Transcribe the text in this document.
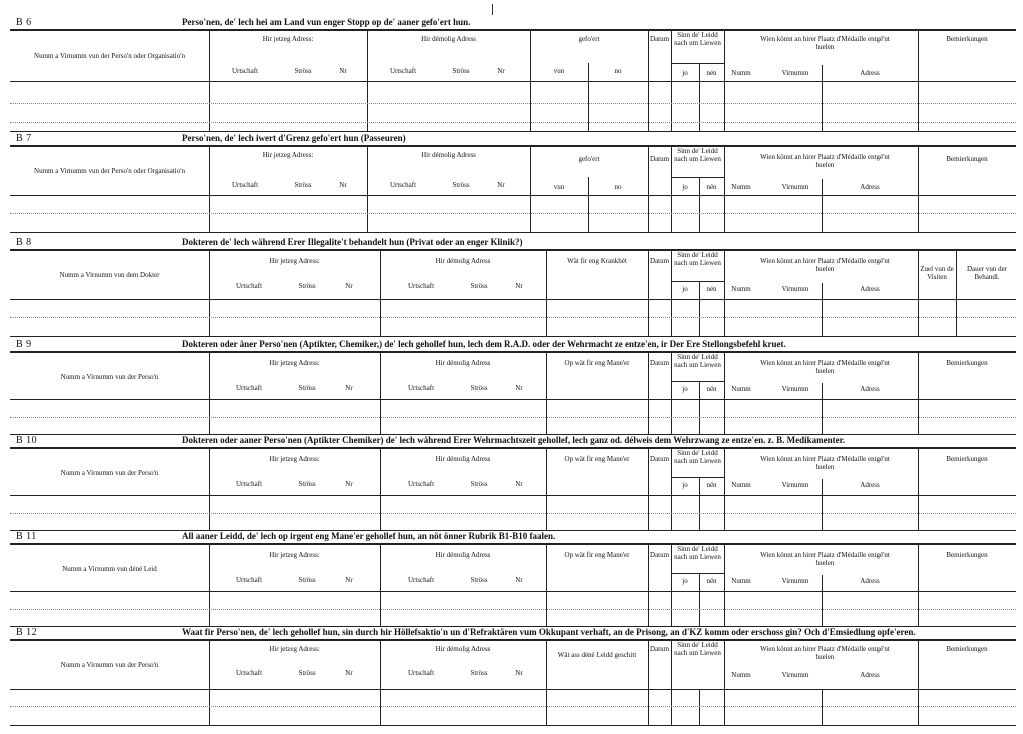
B 6	Perso'nen, de' lech hei am Land vun enger Stopp op de' aaner gefo'ert hun.
Numm a Virnumm vun der Perso'n oder Organisatio'n
Hir jetzeg Adress:
Urtschaft	Ströss	Nr
Hir démolig Adress
Urtschaft	Ströss	Nr
gefo'ert
vun	no
Datum	Sinn de' Leidd nach um Liewen
jo	nén
Wien könnt an hirer Plaatz d'Médaille entgé'nt huelen
Numm	Virnumm	Adress
Bemierkungen
B 7	Perso'nen, de' lech iwert d'Grenz gefo'ert hun (Passeuren)
Numm a Virnumm vun der Perso'n oder Organisatio'n
Hir jetzeg Adress:
Urtschaft	Ströss	Nr
Hir démolig Adress
Urtschaft	Ströss	Nr
gefo'ert
vun	no
Datum
Sinn de' Leidd nach um Liewen
jo	nén
Wien könnt an hirer Plaatz d'Médaille entgé'nt huelen
Numm	Virnumm	Adress
Bemierkungen
B 8	Dokteren de' lech während Erer Illegalite't behandelt hun (Privat oder an enger Klinik?)
Numm a Virnumm vun dem Dokter
Hir jetzeg Adress:
Urtschaft	Ströss	Nr
Hir démolig Adress
Urtschaft	Ströss	Nr
Wät fir eng Krankhét	Datum
Sinn de' Leidd nach um Liewen
jo	nén
Wien könnt an hirer Plaatz d'Médaille entgé'nt huelen
Numm	Virnumm	Adress
Zuel vun de Visiten
Dauer vun der Behandl.
B 9	Dokteren oder äner Perso'nen (Aptikter, Chemiker,) de' lech gehollef hun, lech dem R.A.D. oder der Wehrmacht ze entze'en, ir Der Ere Stellongsbefehl kruet.
Numm a Virnumm vun der Perso'n
Hir jetzeg Adress:
Urtschaft	Ströss	Nr
Hir démolig Adress
Urtschaft	Ströss	Nr
Op wät fir eng Mane'er	Datum
Sinn de' Leidd nach um Liewen
jo	nén
Wien könnt an hirer Plaatz d'Médaille entgé'nt huelen
Numm	Virnumm	Adress
Bemierkungen
B 10	Dokteren oder aaner Perso'nen (Aptikter Chemiker) de' lech während Erer Wehrmachtszeit gehollef, lech ganz od. délweis dem Wehrzwang ze entze'en. z. B. Medikamenter.
Numm a Virnumm vun der Perso'n
Hir jetzeg Adress:
Urtschaft	Ströss	Nr
Hir démolig Adress
Urtschaft	Ströss	Nr
Op wät fir eng Mane'er	Datum
Sinn de' Leidd nach um Liewen
jo	nén
Wien könnt an hirer Plaatz d'Médaille entgé'nt huelen
Numm	Virnumm	Adress
Bemierkungen
B 11	All aaner Leidd, de' lech op irgent eng Mane'er gehollef hun, an nöt önner Rubrik B1-B10 faalen.
Numm a Virnumm vun déné Leid
Hir jetzeg Adress:
Urtschaft	Ströss	Nr
Hir démolig Adress
Urtschaft	Ströss	Nr
Op wät fir eng Mane'er	Datum
Sinn de' Leidd nach um Liewen
jo	nén
Wien könnt an hirer Plaatz d'Médaille entgé'nt huelen
Numm	Virnumm	Adress
Bemierkungen
B 12	Waat fir Perso'nen, de' lech gehollef hun, sin durch hir Höllefsaktio'n un d'Refraktären vum Okkupant verhaft, an de Prisong, an d'KZ komm oder erschoss gin? Och d'Emsiedlung opfe'eren.
Numm a Virnumm vun der Perso'n
Hir jetzeg Adress:
Urtschaft	Ströss	Nr
Hir démolig Adress
Urtschaft	Ströss	Nr
Wät ass déné Leidd geschitt
Datum	Sinn de' Leidd nach um Liewen	Wien könnt an hirer Plaatz d'Médaille entgé'nt huelen
Numm	Virnumm	Adress
Bemierkungen
